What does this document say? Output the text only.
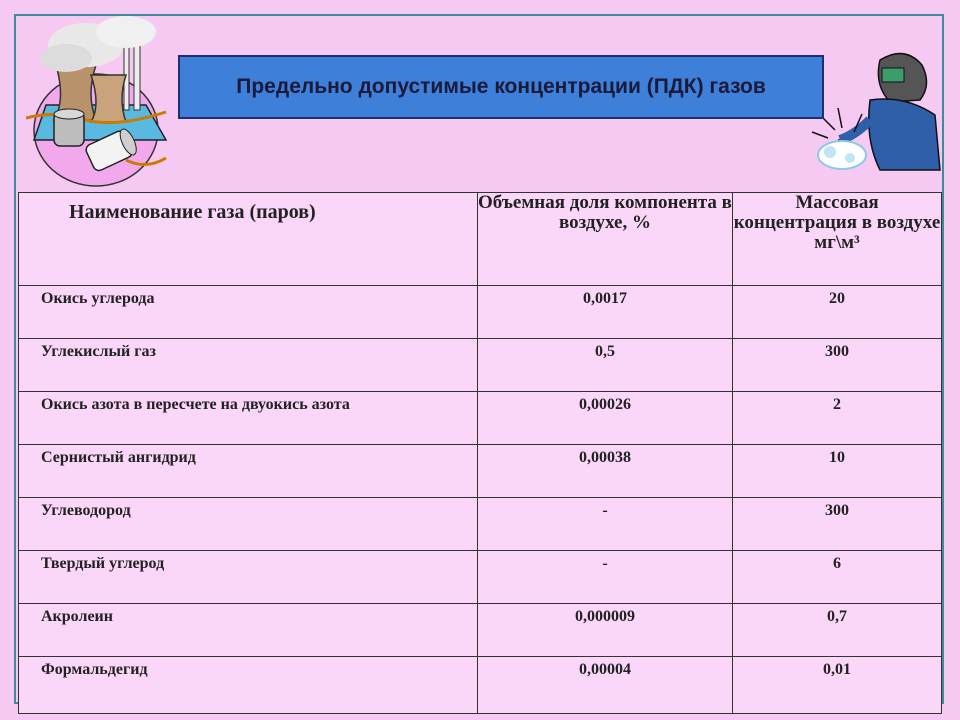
Предельно допустимые концентрации (ПДК) газов
Наименование газа (паров)	Объемная доля компонента в воздухе, %	Массовая концентрация в воздухе мг\м³
Окись углерода	0,0017	20
Углекислый газ	0,5	300
Окись азота в пересчете на двуокись азота	0,00026	2
Сернистый ангидрид	0,00038	10
Углеводород	-	300
Твердый углерод	-	6
Акролеин	0,000009	0,7
Формальдегид	0,00004	0,01
